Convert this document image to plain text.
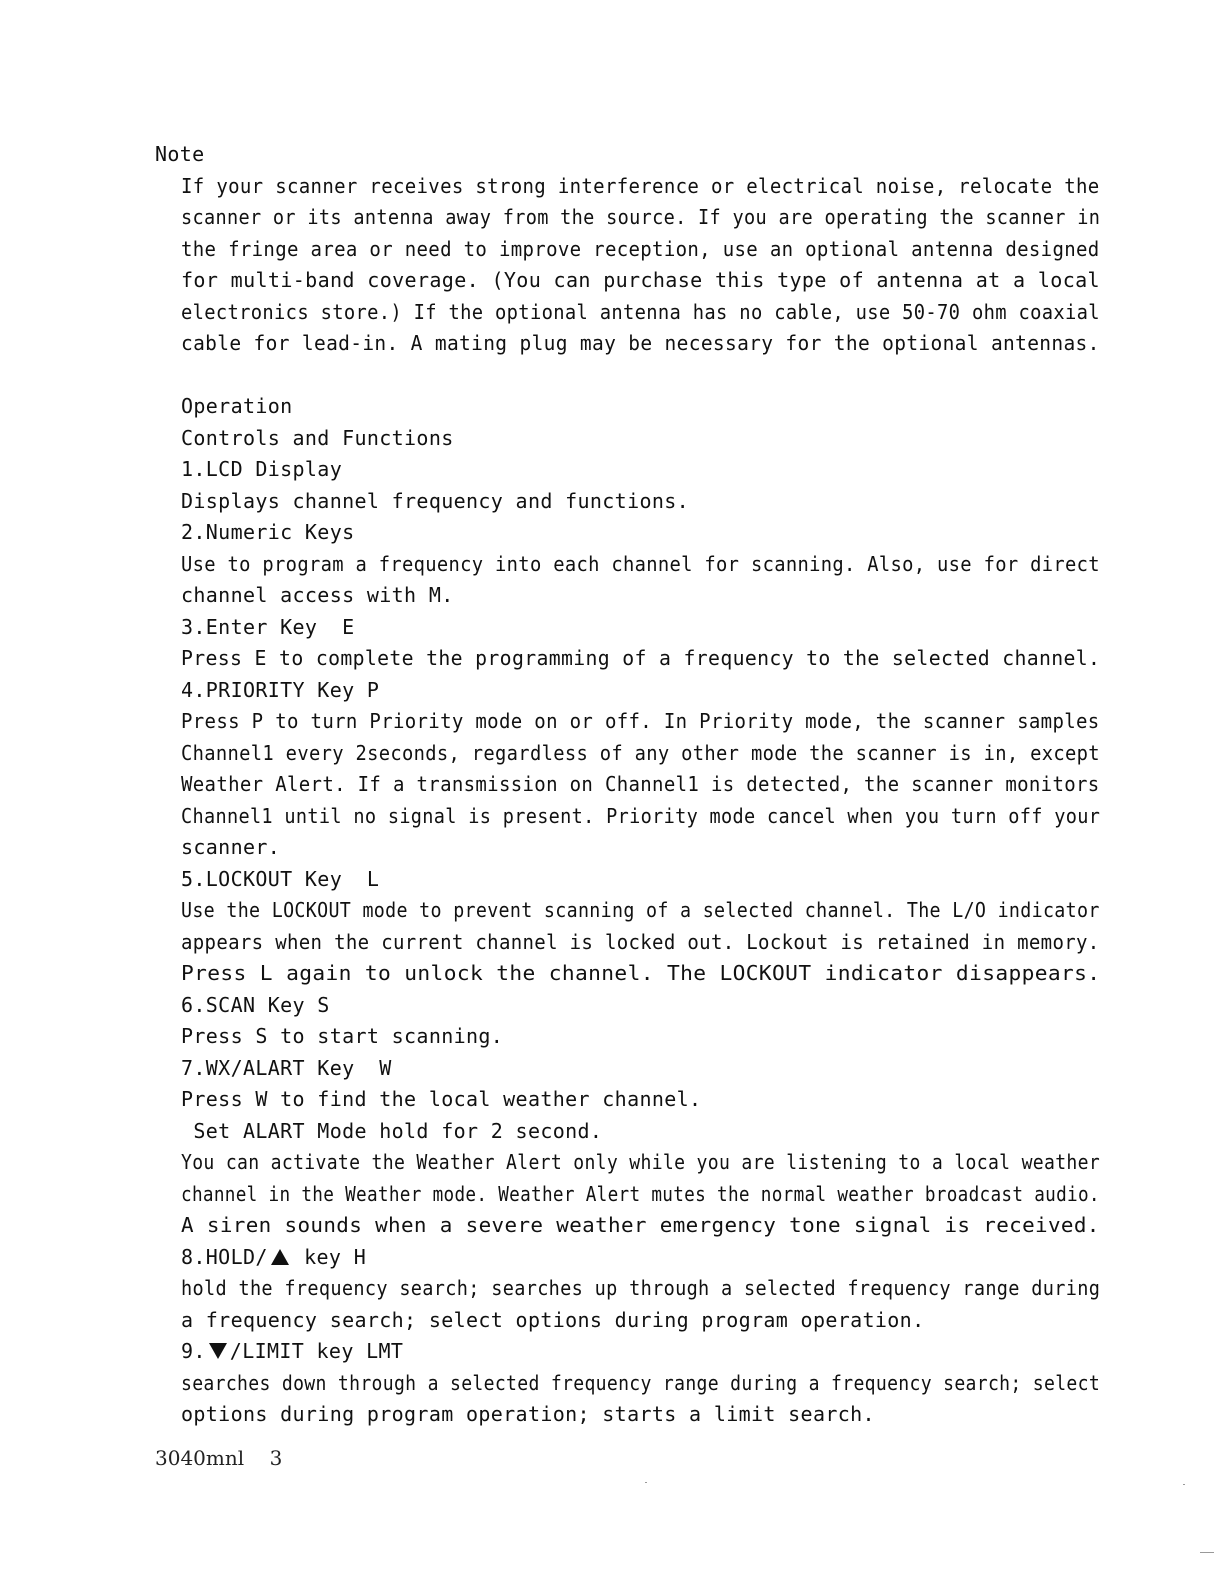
Note
If your scanner receives strong interference or electrical noise, relocate the
scanner or its antenna away from the source. If you are operating the scanner in
the fringe area or need to improve reception, use an optional antenna designed
for multi-band coverage. (You can purchase this type of antenna at a local
electronics store.) If the optional antenna has no cable, use 50-70 ohm coaxial
cable for lead-in. A mating plug may be necessary for the optional antennas.
Operation
Controls and Functions
1.LCD Display
Displays channel frequency and functions.
2.Numeric Keys
Use to program a frequency into each channel for scanning. Also, use for direct
channel access with M.
3.Enter Key  E
Press E to complete the programming of a frequency to the selected channel.
4.PRIORITY Key P
Press P to turn Priority mode on or off. In Priority mode, the scanner samples
Channel1 every 2seconds, regardless of any other mode the scanner is in, except
Weather Alert. If a transmission on Channel1 is detected, the scanner monitors
Channel1 until no signal is present. Priority mode cancel when you turn off your
scanner.
5.LOCKOUT Key  L
Use the LOCKOUT mode to prevent scanning of a selected channel. The L/O indicator
appears when the current channel is locked out. Lockout is retained in memory.
Press L again to unlock the channel. The LOCKOUT indicator disappears.
6.SCAN Key S
Press S to start scanning.
7.WX/ALART Key  W
Press W to find the local weather channel.
Set ALART Mode hold for 2 second.
You can activate the Weather Alert only while you are listening to a local weather
channel in the Weather mode. Weather Alert mutes the normal weather broadcast audio.
A siren sounds when a severe weather emergency tone signal is received.
8.HOLD/ key H
hold the frequency search; searches up through a selected frequency range during
a frequency search; select options during program operation.
9. /LIMIT key LMT
searches down through a selected frequency range during a frequency search; select
options during program operation; starts a limit search.
3040mnl 3
